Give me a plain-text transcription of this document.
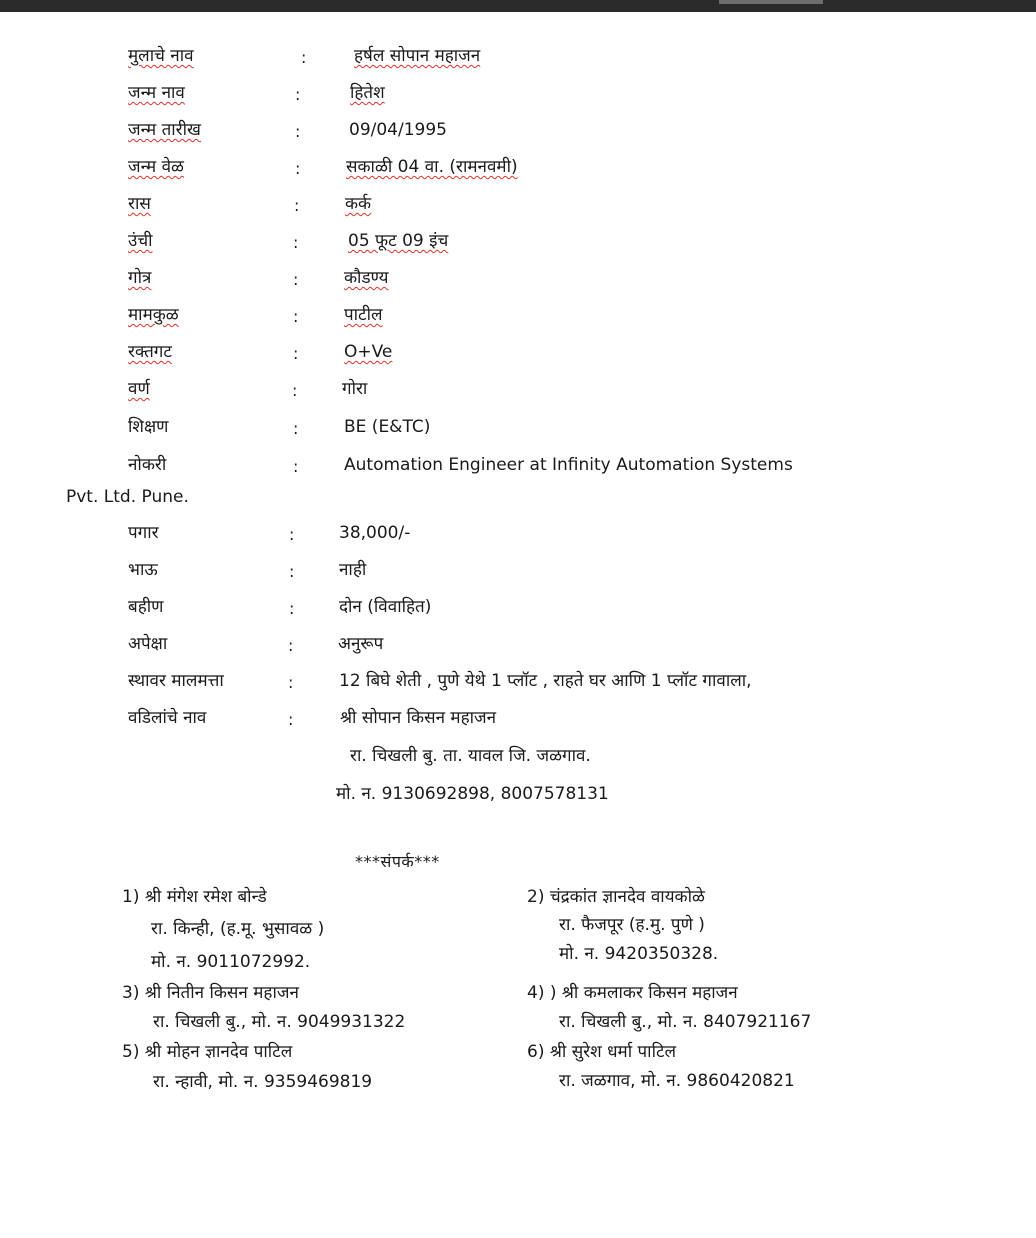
मुलाचे नाव	:	हर्षल सोपान महाजन
जन्म नाव	:	हितेश
जन्म तारीख	:	09/04/1995
जन्म वेळ	:	सकाळी 04 वा. (रामनवमी)
रास	:	कर्क
उंची	:	05 फूट 09 इंच
गोत्र	:	कौडण्य
मामकुळ	:	पाटील
रक्तगट	:	O+Ve
वर्ण	:	गोरा
शिक्षण	:	BE (E&TC)
नोकरी	:	Automation Engineer at Infinity Automation Systems
Pvt. Ltd. Pune.
पगार	:	38,000/-
भाऊ	:	नाही
बहीण	:	दोन (विवाहित)
अपेक्षा	:	अनुरूप
स्थावर मालमत्ता	:	12 बिघे शेती , पुणे येथे 1 प्लॉट , राहते घर आणि 1 प्लॉट गावाला,
वडिलांचे नाव	:	श्री सोपान किसन महाजन
रा. चिखली बु. ता. यावल जि. जळगाव.
मो. न. 9130692898, 8007578131
***संपर्क***
1) श्री मंगेश रमेश बोन्डे
रा. किन्ही, (ह.मू. भुसावळ )
मो. न. 9011072992.
2) चंद्रकांत ज्ञानदेव वायकोळे
रा. फैजपूर (ह.मु. पुणे )
मो. न. 9420350328.
3) श्री नितीन किसन महाजन
रा. चिखली बु., मो. न. 9049931322
4) ) श्री कमलाकर किसन महाजन
रा. चिखली बु., मो. न. 8407921167
5) श्री मोहन ज्ञानदेव पाटिल
रा. न्हावी, मो. न. 9359469819
6) श्री सुरेश धर्मा पाटिल
रा. जळगाव, मो. न. 9860420821
